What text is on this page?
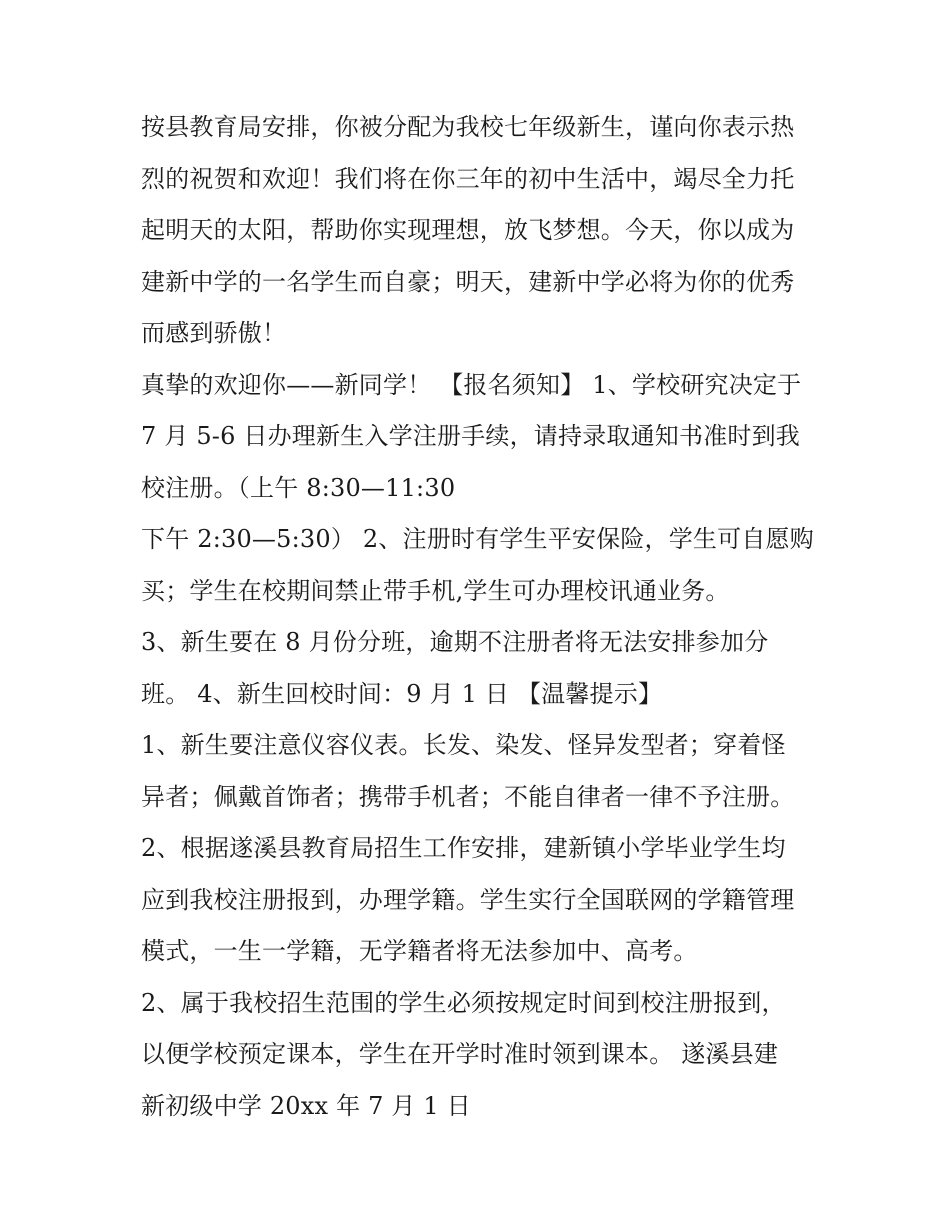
按县教育局安排，你被分配为我校七年级新生，谨向你表示热
烈的祝贺和欢迎！我们将在你三年的初中生活中，竭尽全力托
起明天的太阳，帮助你实现理想，放飞梦想。今天，你以成为
建新中学的一名学生而自豪；明天，建新中学必将为你的优秀
而感到骄傲！
真挚的欢迎你——新同学！ 【报名须知】 1、学校研究决定于
7 月 5-6 日办理新生入学注册手续，请持录取通知书准时到我
校注册。（上午 8:30—11:30
下午 2:30—5:30） 2、注册时有学生平安保险，学生可自愿购
买；学生在校期间禁止带手机,学生可办理校讯通业务。
3、新生要在 8 月份分班，逾期不注册者将无法安排参加分
班。 4、新生回校时间：9 月 1 日 【温馨提示】
1、新生要注意仪容仪表。长发、染发、怪异发型者；穿着怪
异者；佩戴首饰者；携带手机者；不能自律者一律不予注册。
2、根据遂溪县教育局招生工作安排，建新镇小学毕业学生均
应到我校注册报到，办理学籍。学生实行全国联网的学籍管理
模式，一生一学籍，无学籍者将无法参加中、高考。
2、属于我校招生范围的学生必须按规定时间到校注册报到，
以便学校预定课本，学生在开学时准时领到课本。 遂溪县建
新初级中学 20xx 年 7 月 1 日
